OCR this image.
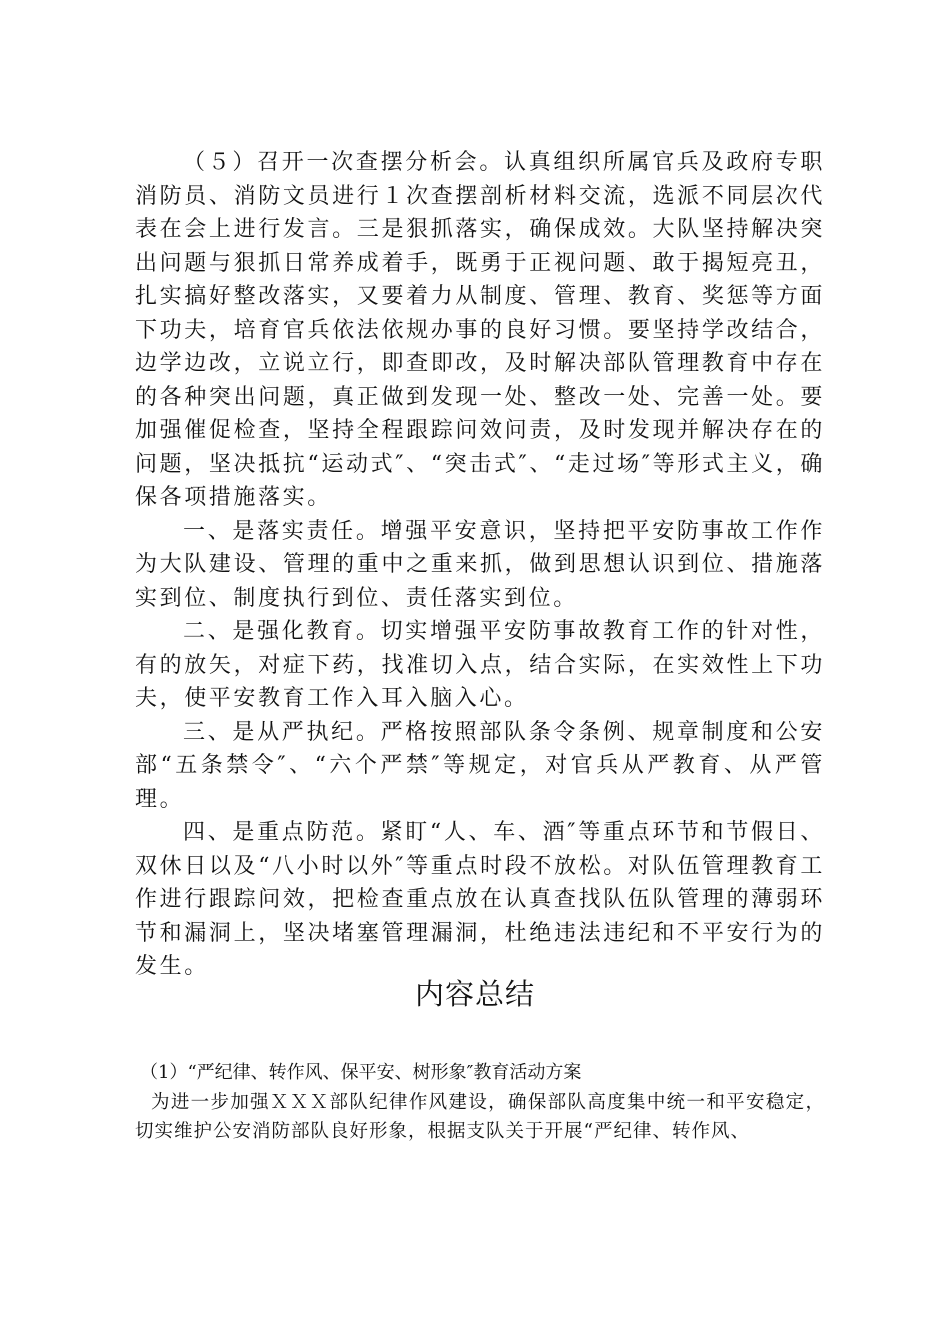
（５）召开一次查摆分析会。认真组织所属官兵及政府专职消防员、消防文员进行１次查摆剖析材料交流，选派不同层次代表在会上进行发言。三是狠抓落实，确保成效。大队坚持解决突出问题与狠抓日常养成着手，既勇于正视问题、敢于揭短亮丑，扎实搞好整改落实，又要着力从制度、管理、教育、奖惩等方面下功夫，培育官兵依法依规办事的良好习惯。要坚持学改结合，边学边改，立说立行，即查即改，及时解决部队管理教育中存在的各种突出问题，真正做到发现一处、整改一处、完善一处。要加强催促检查，坚持全程跟踪问效问责，及时发现并解决存在的问题，坚决抵抗“运动式″、“突击式″、“走过场″等形式主义，确保各项措施落实。

一、是落实责任。增强平安意识，坚持把平安防事故工作作为大队建设、管理的重中之重来抓，做到思想认识到位、措施落实到位、制度执行到位、责任落实到位。

二、是强化教育。切实增强平安防事故教育工作的针对性，有的放矢，对症下药，找准切入点，结合实际，在实效性上下功夫，使平安教育工作入耳入脑入心。

三、是从严执纪。严格按照部队条令条例、规章制度和公安部“五条禁令″、“六个严禁″等规定，对官兵从严教育、从严管理。

四、是重点防范。紧盯“人、车、酒″等重点环节和节假日、双休日以及“八小时以外″等重点时段不放松。对队伍管理教育工作进行跟踪问效，把检查重点放在认真查找队伍队管理的薄弱环节和漏洞上，坚决堵塞管理漏洞，杜绝违法违纪和不平安行为的发生。

内容总结

（1）“严纪律、转作风、保平安、树形象″教育活动方案

为进一步加强ＸＸＸ部队纪律作风建设，确保部队高度集中统一和平安稳定，切实维护公安消防部队良好形象，根据支队关于开展“严纪律、转作风、
